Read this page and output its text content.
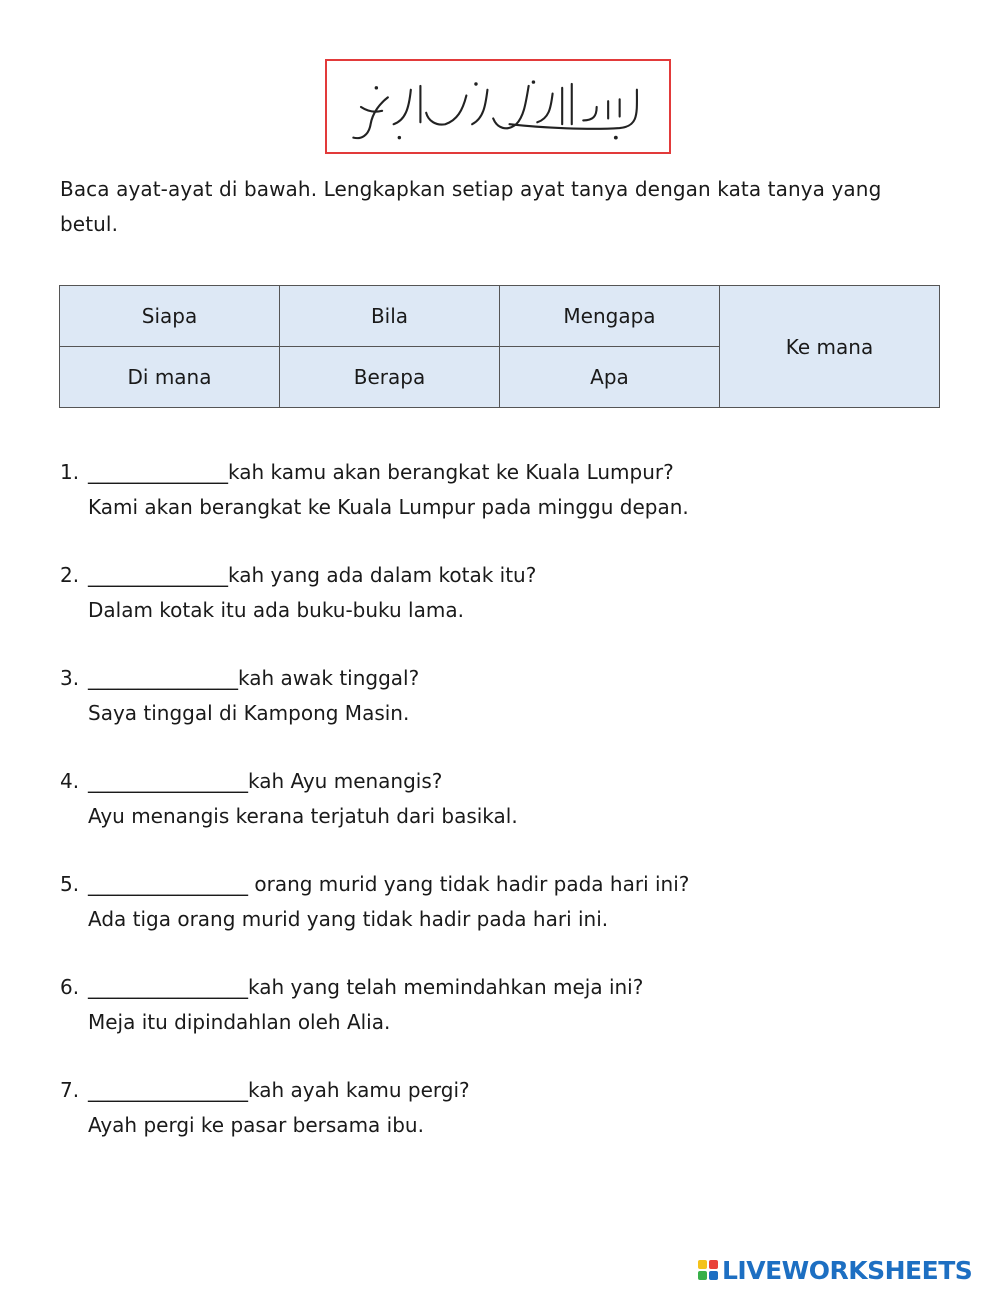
بسم الله الرحمن الرحيم
Baca ayat-ayat di bawah. Lengkapkan setiap ayat tanya dengan kata tanya yang betul.
Siapa	Bila	Mengapa	Ke mana
Di mana	Berapa	Apa	
1. ______________kah kamu akan berangkat ke Kuala Lumpur?
Kami akan berangkat ke Kuala Lumpur pada minggu depan.
2. ______________kah yang ada dalam kotak itu?
Dalam kotak itu ada buku-buku lama.
3. _______________kah awak tinggal?
Saya tinggal di Kampong Masin.
4. ________________kah Ayu menangis?
Ayu menangis kerana terjatuh dari basikal.
5. ________________ orang murid yang tidak hadir pada hari ini?
Ada tiga orang murid yang tidak hadir pada hari ini.
6. ________________kah yang telah memindahkan meja ini?
Meja itu dipindahlan oleh Alia.
7. ________________kah ayah kamu pergi?
Ayah pergi ke pasar bersama ibu.
LIVEWORKSHEETS
